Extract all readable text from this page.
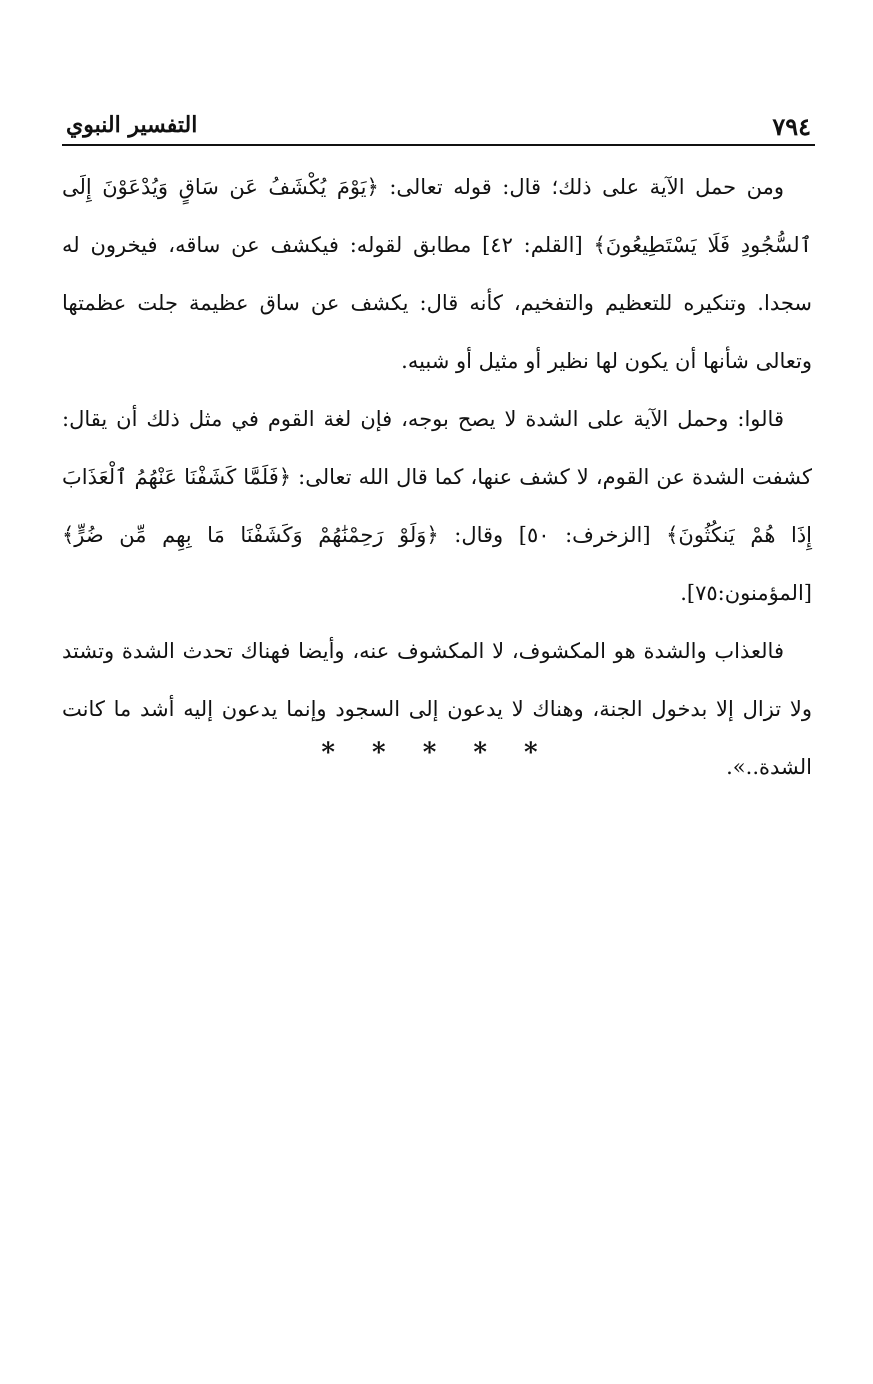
٧٩٤
التفسير النبوي

ومن حمل الآية على ذلك؛ قال: قوله تعالى: ﴿يَوْمَ يُكْشَفُ عَن سَاقٍ وَيُدْعَوْنَ إِلَى ٱلسُّجُودِ فَلَا يَسْتَطِيعُونَ﴾ [القلم: ٤٢] مطابق لقوله: فيكشف عن ساقه، فيخرون له سجدا. وتنكيره للتعظيم والتفخيم، كأنه قال: يكشف عن ساق عظيمة جلت عظمتها وتعالى شأنها أن يكون لها نظير أو مثيل أو شبيه.

قالوا: وحمل الآية على الشدة لا يصح بوجه، فإن لغة القوم في مثل ذلك أن يقال: كشفت الشدة عن القوم، لا كشف عنها، كما قال الله تعالى: ﴿فَلَمَّا كَشَفْنَا عَنْهُمُ ٱلْعَذَابَ إِذَا هُمْ يَنكُثُونَ﴾ [الزخرف: ٥٠] وقال: ﴿وَلَوْ رَحِمْنَٰهُمْ وَكَشَفْنَا مَا بِهِم مِّن ضُرٍّ﴾ [المؤمنون:٧٥].

فالعذاب والشدة هو المكشوف، لا المكشوف عنه، وأيضا فهناك تحدث الشدة وتشتد ولا تزال إلا بدخول الجنة، وهناك لا يدعون إلى السجود وإنما يدعون إليه أشد ما كانت الشدة..».

* * * * *
